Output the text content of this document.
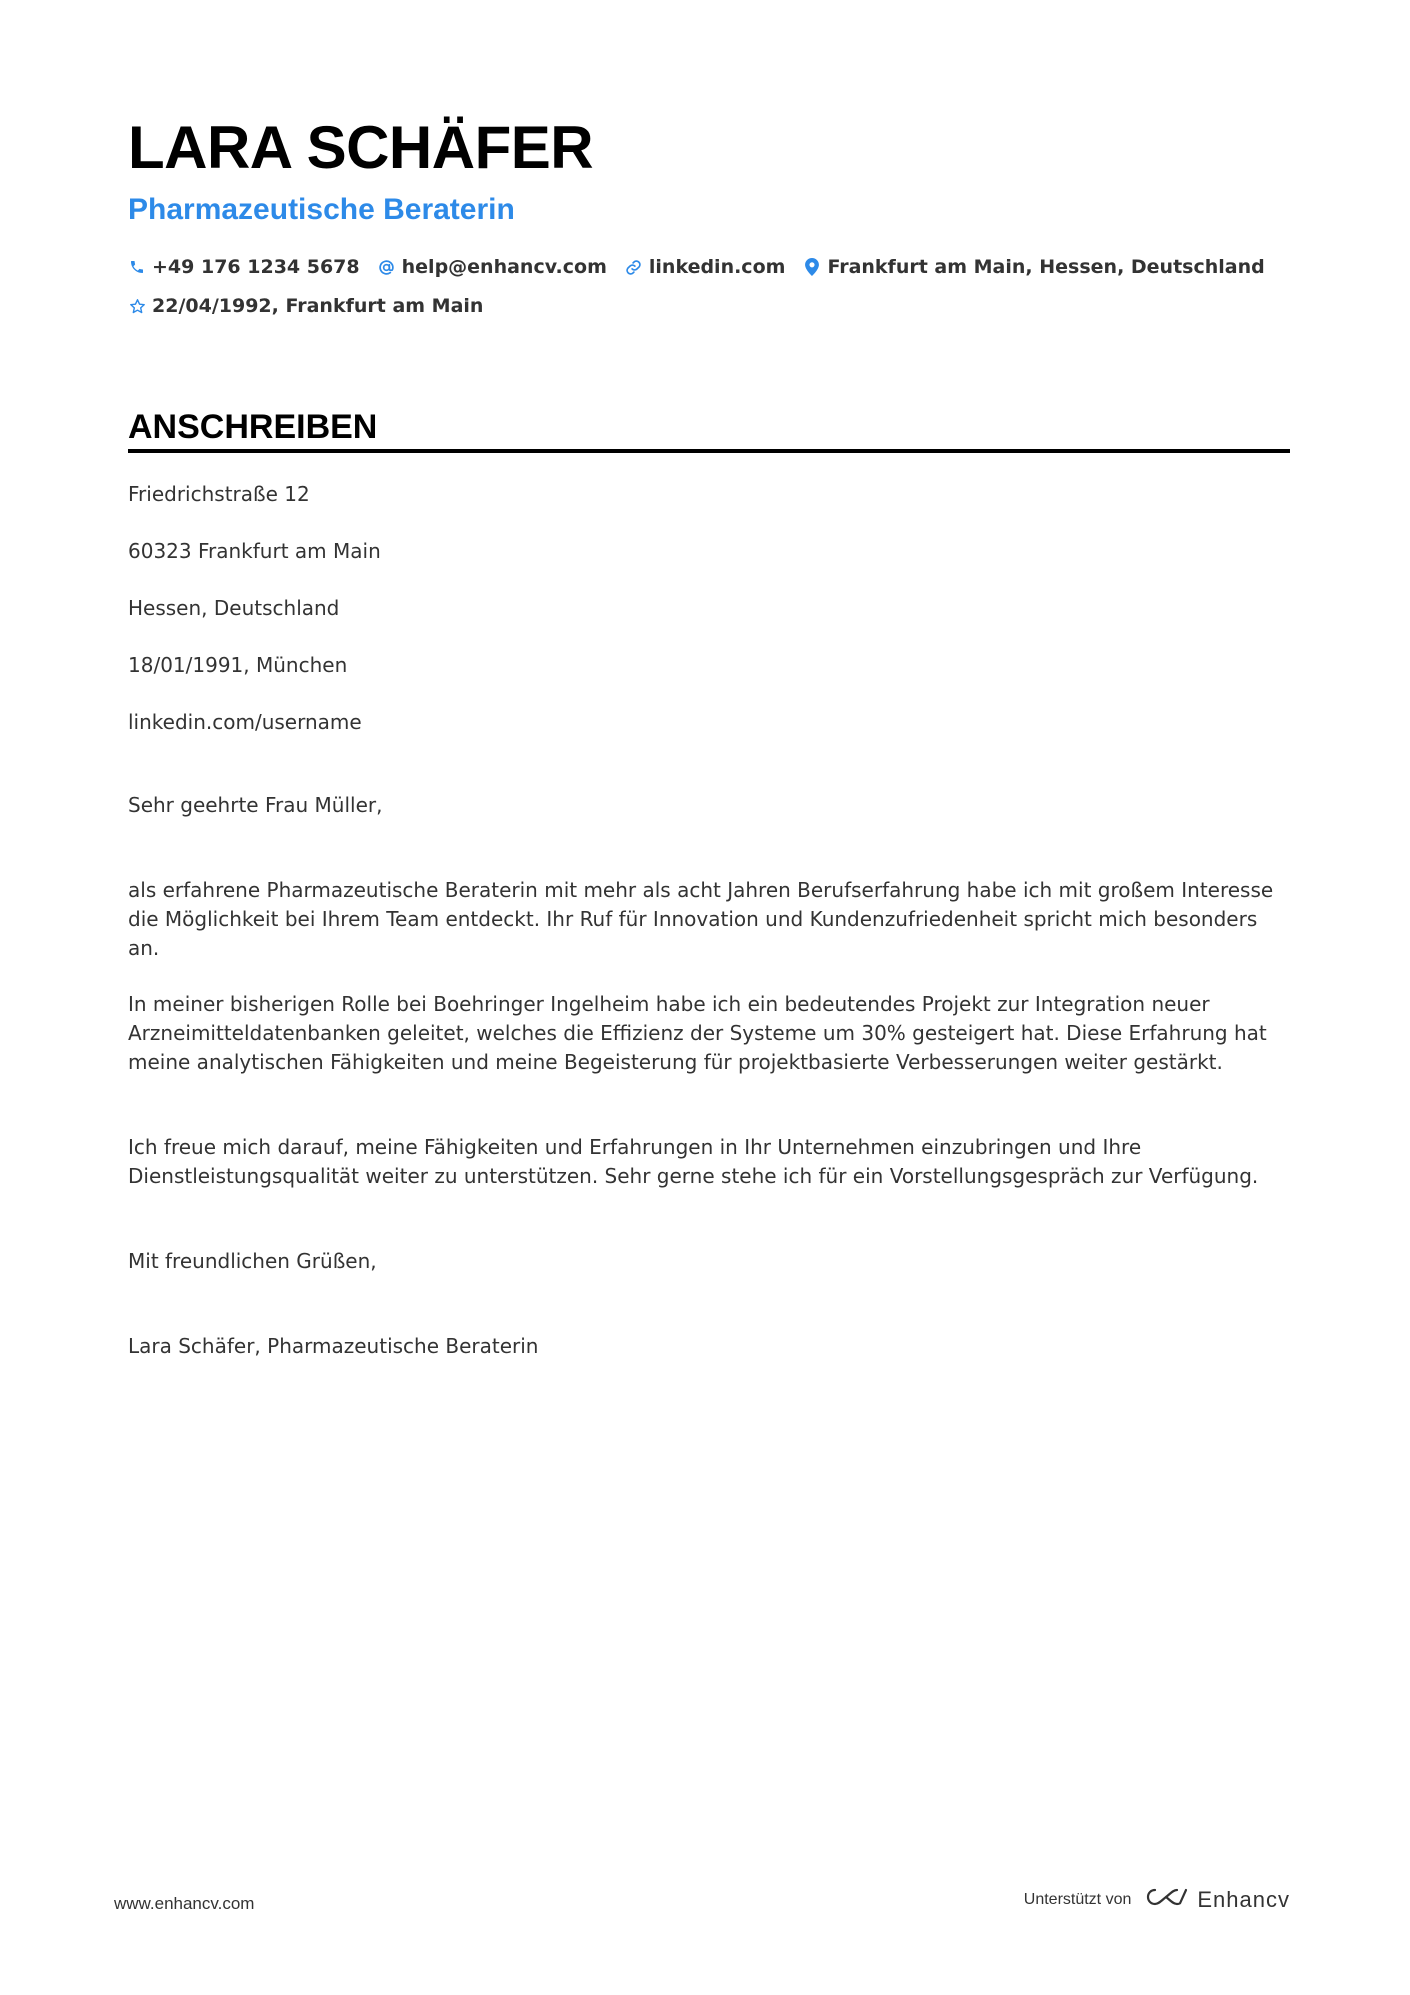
LARA SCHÄFER
Pharmazeutische Beraterin
+49 176 1234 5678 help@enhancv.com linkedin.com Frankfurt am Main, Hessen, Deutschland
22/04/1992, Frankfurt am Main
ANSCHREIBEN
Friedrichstraße 12
60323 Frankfurt am Main
Hessen, Deutschland
18/01/1991, München
linkedin.com/username
Sehr geehrte Frau Müller,
als erfahrene Pharmazeutische Beraterin mit mehr als acht Jahren Berufserfahrung habe ich mit großem Interesse die Möglichkeit bei Ihrem Team entdeckt. Ihr Ruf für Innovation und Kundenzufriedenheit spricht mich besonders an.
In meiner bisherigen Rolle bei Boehringer Ingelheim habe ich ein bedeutendes Projekt zur Integration neuer Arzneimitteldatenbanken geleitet, welches die Effizienz der Systeme um 30% gesteigert hat. Diese Erfahrung hat meine analytischen Fähigkeiten und meine Begeisterung für projektbasierte Verbesserungen weiter gestärkt.
Ich freue mich darauf, meine Fähigkeiten und Erfahrungen in Ihr Unternehmen einzubringen und Ihre Dienstleistungsqualität weiter zu unterstützen. Sehr gerne stehe ich für ein Vorstellungsgespräch zur Verfügung.
Mit freundlichen Grüßen,
Lara Schäfer, Pharmazeutische Beraterin
www.enhancv.com	Unterstützt von	Enhancv
